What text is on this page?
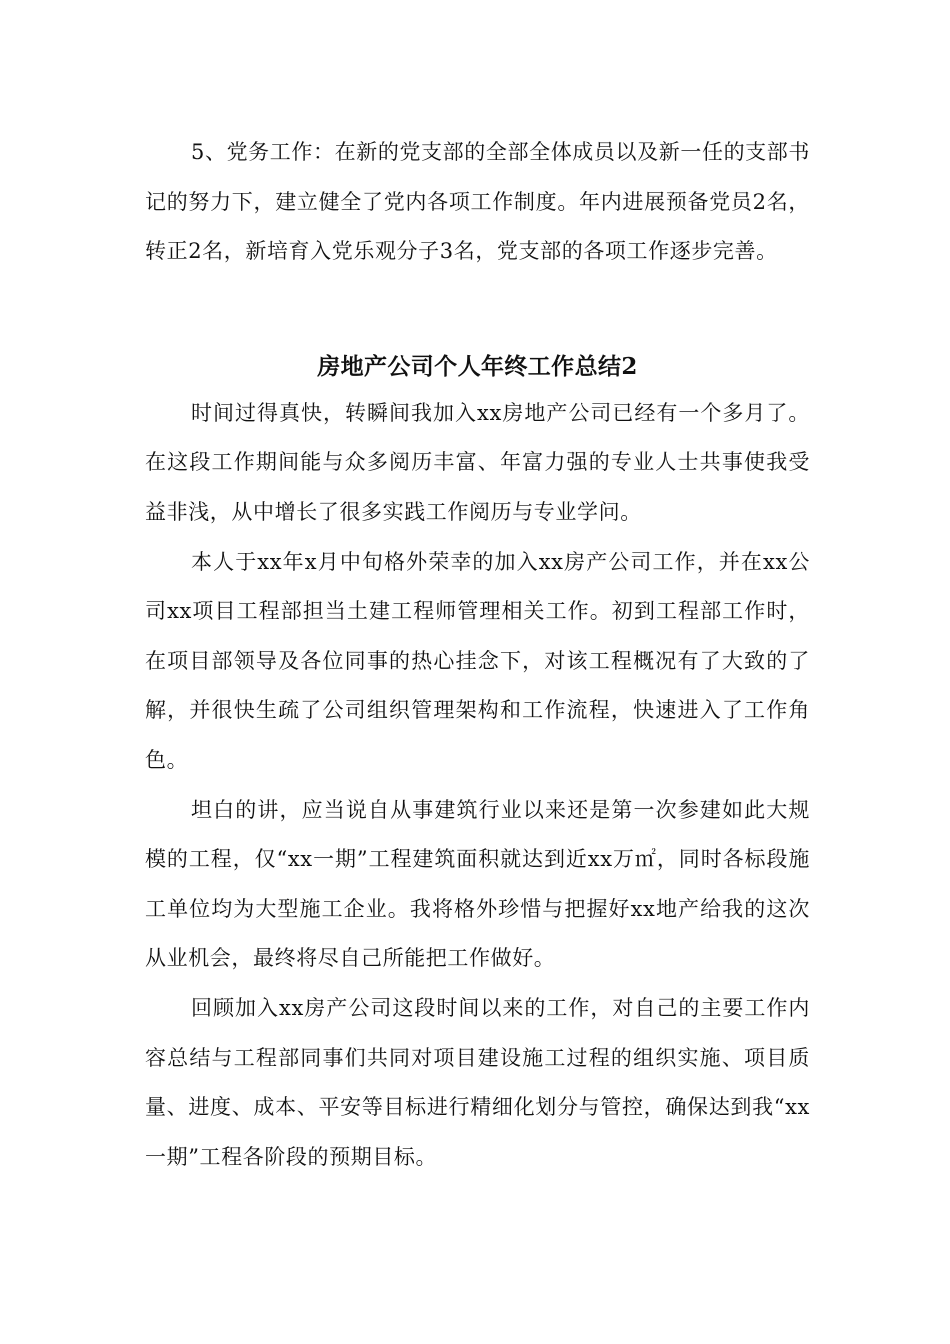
5、党务工作：在新的党支部的全部全体成员以及新一任的支部书记的努力下，建立健全了党内各项工作制度。年内进展预备党员2名，转正2名，新培育入党乐观分子3名，党支部的各项工作逐步完善。

房地产公司个人年终工作总结2

时间过得真快，转瞬间我加入xx房地产公司已经有一个多月了。在这段工作期间能与众多阅历丰富、年富力强的专业人士共事使我受益非浅，从中增长了很多实践工作阅历与专业学问。

本人于xx年x月中旬格外荣幸的加入xx房产公司工作，并在xx公司xx项目工程部担当土建工程师管理相关工作。初到工程部工作时，在项目部领导及各位同事的热心挂念下，对该工程概况有了大致的了解，并很快生疏了公司组织管理架构和工作流程，快速进入了工作角色。

坦白的讲，应当说自从事建筑行业以来还是第一次参建如此大规模的工程，仅“xx一期”工程建筑面积就达到近xx万㎡，同时各标段施工单位均为大型施工企业。我将格外珍惜与把握好xx地产给我的这次从业机会，最终将尽自己所能把工作做好。

回顾加入xx房产公司这段时间以来的工作，对自己的主要工作内容总结与工程部同事们共同对项目建设施工过程的组织实施、项目质量、进度、成本、平安等目标进行精细化划分与管控，确保达到我“xx一期”工程各阶段的预期目标。
